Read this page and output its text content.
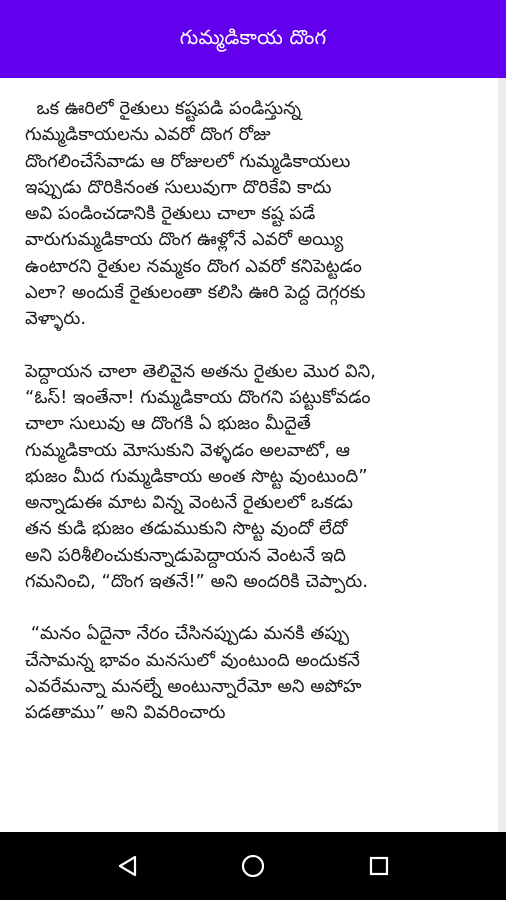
గుమ్మడికాయ దొంగ

ఒక ఊరిలో రైతులు కష్టపడి పండిస్తున్న
గుమ్మడికాయలను ఎవరో దొంగ రోజు
దొంగలించేసేవాడు ఆ రోజులలో గుమ్మడికాయలు
ఇప్పుడు దొరికినంత సులువుగా దొరికేవి కాదు
అవి పండించడానికి రైతులు చాలా కష్ట పడే
వారుగుమ్మడికాయ దొంగ ఊళ్లోనే ఎవరో అయ్యి
ఉంటారని రైతుల నమ్మకం దొంగ ఎవరో కనిపెట్టడం
ఎలా? అందుకే రైతులంతా కలిసి ఊరి పెద్ద దెగ్గరకు
వెళ్ళారు.

పెద్దాయన చాలా తెలివైన అతను రైతుల మొర విని,
“ఓస్! ఇంతేనా! గుమ్మడికాయ దొంగని పట్టుకోవడం
చాలా సులువు ఆ దొంగకి ఏ భుజం మీదైతే
గుమ్మడికాయ మోసుకుని వెళ్ళడం అలవాటో, ఆ
భుజం మీద గుమ్మడికాయ అంత సొట్ట వుంటుంది”
అన్నాడుఈ మాట విన్న వెంటనే రైతులలో ఒకడు
తన కుడి భుజం తడుముకుని సొట్ట వుందో లేదో
అని పరిశీలించుకున్నాడుపెద్దాయన వెంటనే ఇది
గమనించి, “దొంగ ఇతనే!” అని అందరికి చెప్పారు.

“మనం ఏదైనా నేరం చేసినప్పుడు మనకి తప్పు
చేసామన్న భావం మనసులో వుంటుంది అందుకనే
ఎవరేమన్నా మనల్నే అంటున్నారేమో అని అపోహ
పడతాము” అని వివరించారు
